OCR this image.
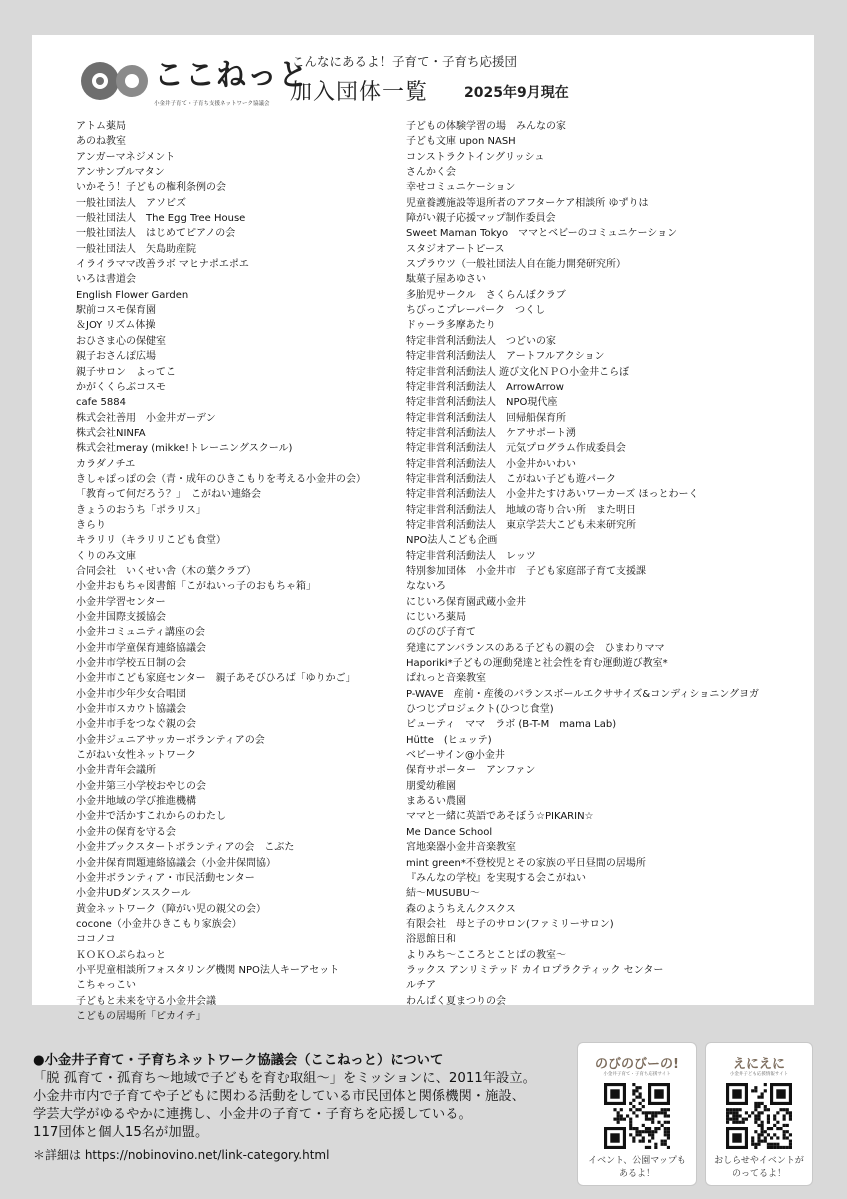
ここねっと
小金井子育て・子育ち支援ネットワーク協議会
こんなにあるよ！子育て・子育ち応援団
加入団体一覧	2025年9月現在
アトム薬局
あのね教室
アンガーマネジメント
アンサンブルマタン
いかそう！子どもの権利条例の会
一般社団法人　アソビズ
一般社団法人　The Egg Tree House
一般社団法人　はじめてピアノの会
一般社団法人　矢島助産院
イライラママ改善ラボ マヒナポエポエ
いろは書道会
English Flower Garden
駅前コスモ保育園
＆JOY リズム体操
おひさま心の保健室
親子おさんぽ広場
親子サロン　よってこ
かがくくらぶコスモ
cafe 5884
株式会社善用　小金井ガーデン
株式会社NINFA
株式会社meray (mikke!トレーニングスクール)
カラダノチエ
きしゃぽっぽの会（青・成年のひきこもりを考える小金井の会）
「教育って何だろう？」　こがねい連絡会
きょうのおうち「ポラリス」
きらり
キラリリ（キラリリこども食堂）
くりのみ文庫
合同会社　いくせい舎（木の葉クラブ）
小金井おもちゃ図書館「こがねいっ子のおもちゃ箱」
小金井学習センター
小金井国際支援協会
小金井コミュニティ講座の会
小金井市学童保育連絡協議会
小金井市学校五日制の会
小金井市こども家庭センター　親子あそびひろば「ゆりかご」
小金井市少年少女合唱団
小金井市スカウト協議会
小金井市手をつなぐ親の会
小金井ジュニアサッカーボランティアの会
こがねい女性ネットワーク
小金井青年会議所
小金井第三小学校おやじの会
小金井地域の学び推進機構
小金井で活かすこれからのわたし
小金井の保育を守る会
小金井ブックスタートボランティアの会　こぶた
小金井保育問題連絡協議会（小金井保問協）
小金井ボランティア・市民活動センター
小金井UDダンススクール
黄金ネットワーク（障がい児の親父の会）
cocone（小金井ひきこもり家族会）
ココノコ
ＫＯＫＯぷらねっと
小平児童相談所フォスタリング機関 NPO法人キーアセット
こちゃっこい
子どもと未来を守る小金井会議
こどもの居場所「ピカイチ」
子どもの体験学習の場　みんなの家
子ども文庫 upon NASH
コンストラクトイングリッシュ
さんかく会
幸せコミュニケーション
児童養護施設等退所者のアフターケア相談所 ゆずりは
障がい親子応援マップ制作委員会
Sweet Maman Tokyo　ママとベビーのコミュニケーション
スタジオアートピース
スプラウツ（一般社団法人自在能力開発研究所）
駄菓子屋あゆさい
多胎児サークル　さくらんぼクラブ
ちびっこプレーパーク　つくし
ドゥーラ多摩あたり
特定非営利活動法人　つどいの家
特定非営利活動法人　アートフルアクション
特定非営利活動法人 遊び文化ＮＰＯ小金井こらぼ
特定非営利活動法人　ArrowArrow
特定非営利活動法人　NPO現代座
特定非営利活動法人　回帰船保育所
特定非営利活動法人　ケアサポート湧
特定非営利活動法人　元気プログラム作成委員会
特定非営利活動法人　小金井かいわい
特定非営利活動法人　こがねい子ども遊パーク
特定非営利活動法人　小金井たすけあいワーカーズ ほっとわーく
特定非営利活動法人　地域の寄り合い所　また明日
特定非営利活動法人　東京学芸大こども未来研究所
NPO法人こども企画
特定非営利活動法人　レッツ
特別参加団体　小金井市　子ども家庭部子育て支援課
なないろ
にじいろ保育園武蔵小金井
にじいろ薬局
のびのび子育て
発達にアンバランスのある子どもの親の会　ひまわりママ
Haporiki*子どもの運動発達と社会性を育む運動遊び教室*
ぱれっと音楽教室
P-WAVE　産前・産後のバランスボールエクササイズ&コンディショニングヨガ
ひつじプロジェクト(ひつじ食堂)
ビューティ　ママ　ラボ (B-T-M　mama Lab)
Hütte　(ヒュッテ)
ベビーサイン@小金井
保育サポーター　アンファン
朋愛幼稚園
まあるい農園
ママと一緒に英語であそぼう☆PIKARIN☆
Me Dance School
宮地楽器小金井音楽教室
mint green*不登校児とその家族の平日昼間の居場所
『みんなの学校』を実現する会こがねい
結～MUSUBU～
森のようちえんクスクス
有限会社　母と子のサロン(ファミリーサロン)
浴恩館日和
よりみち～こころとことばの教室～
ラックス アンリミテッド カイロプラクティック センター
ルチア
わんぱく夏まつりの会
●小金井子育て・子育ちネットワーク協議会（ここねっと）について
「脱 孤育て・孤育ち～地域で子どもを育む取組～」をミッションに、2011年設立。
小金井市内で子育てや子どもに関わる活動をしている市民団体と関係機関・施設、
学芸大学がゆるやかに連携し、小金井の子育て・子育ちを応援している。
117団体と個人15名が加盟。
＊詳細は https://nobinovino.net/link-category.html
のびのびーの!
小金井子育て・子育ち応援サイト
イベント、公園マップも
あるよ！
えにえに
小金井子ども応援情報サイト
おしらせやイベントが
のってるよ！
